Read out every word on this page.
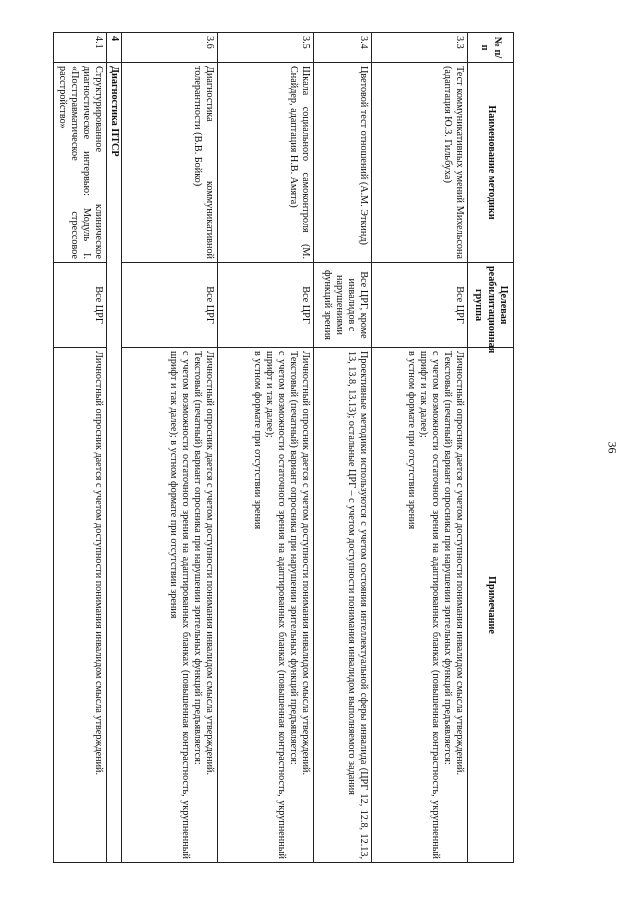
36
№ п/п	Наименование методики	Целевая реабилитационная группа	Примечание
3.3	Тест коммуникативных умений Михельсона (адаптация Ю.З. Гильбуха)	Все ЦРГ	Личностный опросник дается с учетом доступности понимания инвалидом смысла утверждений.
Текстовый (печатный) вариант опросника при нарушении зрительных функций предъявляется:
с учетом возможности остаточного зрения на адаптированных бланках (повышенная контрастность, укрупненный шрифт и так далее);
в устном формате при отсутствии зрения

3.4	Цветовой тест отношений (А.М. Эткинд)	Все ЦРГ, кроме инвалидов с нарушениями функций зрения	Проективные методики используются с учетом состояния интеллектуальной сферы инвалида (ЦРГ 12, 12.8, 12.13, 13, 13.8, 13.13); остальные ЦРГ – с учетом доступности понимания инвалидом выполняемого задания

3.5	Шкала социального самоконтроля (М. Снайдер, адаптация Н.В. Амята)	Все ЦРГ	Личностный опросник дается с учетом доступности понимания инвалидом смысла утверждений.
Текстовый (печатный) вариант опросника при нарушении зрительных функций предъявляется:
с учетом возможности остаточного зрения на адаптированных бланках (повышенная контрастность, укрупненный шрифт и так далее);
в устном формате при отсутствии зрения

3.6	Диагностика коммуникативной толерантности (В.В. Бойко)	Все ЦРГ	Личностный опросник дается с учетом доступности понимания инвалидом смысла утверждений.
Текстовый (печатный) вариант опросника при нарушении зрительных функций предъявляется:
с учетом возможности остаточного зрения на адаптированных бланках (повышенная контрастность, укрупненный шрифт и так далее); в устном формате при отсутствии зрения

4	Диагностика ПТСР		
4.1	Структурированное клиническое диагностическое интервью: Модуль I. «Посттравматическое стрессовое расстройство»	Все ЦРГ	Личностный опросник дается с учетом доступности понимания инвалидом смысла утверждений.
